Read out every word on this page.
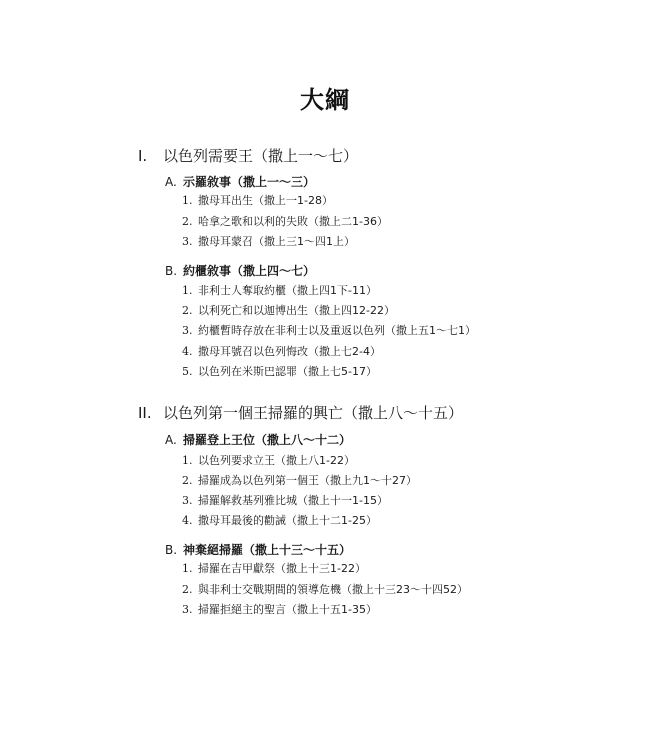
大綱
I. 以色列需要王（撒上一～七）
A. 示羅敘事（撒上一～三）
1. 撒母耳出生（撒上一1-28）
2. 哈拿之歌和以利的失敗（撒上二1-36）
3. 撒母耳蒙召（撒上三1～四1上）
B. 約櫃敘事（撒上四～七）
1. 非利士人奪取約櫃（撒上四1下-11）
2. 以利死亡和以迦博出生（撒上四12-22）
3. 約櫃暫時存放在非利士以及重返以色列（撒上五1～七1）
4. 撒母耳號召以色列悔改（撒上七2-4）
5. 以色列在米斯巴認罪（撒上七5-17）
II. 以色列第一個王掃羅的興亡（撒上八～十五）
A. 掃羅登上王位（撒上八～十二）
1. 以色列要求立王（撒上八1-22）
2. 掃羅成為以色列第一個王（撒上九1～十27）
3. 掃羅解救基列雅比城（撒上十一1-15）
4. 撒母耳最後的勸誡（撒上十二1-25）
B. 神棄絕掃羅（撒上十三～十五）
1. 掃羅在吉甲獻祭（撒上十三1-22）
2. 與非利士交戰期間的領導危機（撒上十三23～十四52）
3. 掃羅拒絕主的聖言（撒上十五1-35）
